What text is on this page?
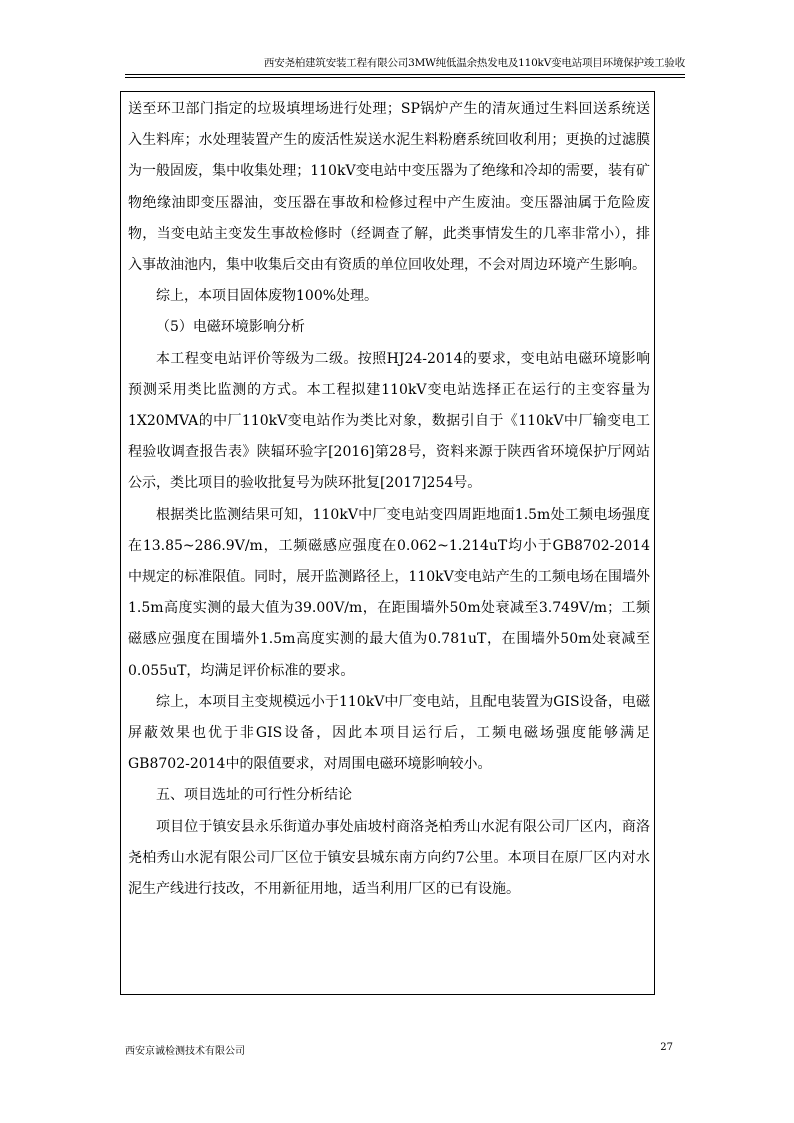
西安尧柏建筑安装工程有限公司3MW纯低温余热发电及110kV变电站项目环境保护竣工验收

送至环卫部门指定的垃圾填埋场进行处理；SP锅炉产生的清灰通过生料回送系统送入生料库；水处理装置产生的废活性炭送水泥生料粉磨系统回收利用；更换的过滤膜为一般固废，集中收集处理；110kV变电站中变压器为了绝缘和冷却的需要，装有矿物绝缘油即变压器油，变压器在事故和检修过程中产生废油。变压器油属于危险废物，当变电站主变发生事故检修时（经调查了解，此类事情发生的几率非常小），排入事故油池内，集中收集后交由有资质的单位回收处理，不会对周边环境产生影响。

综上，本项目固体废物100%处理。

（5）电磁环境影响分析

本工程变电站评价等级为二级。按照HJ24-2014的要求，变电站电磁环境影响预测采用类比监测的方式。本工程拟建110kV变电站选择正在运行的主变容量为1X20MVA的中厂110kV变电站作为类比对象，数据引自于《110kV中厂输变电工程验收调查报告表》陕辐环验字[2016]第28号，资料来源于陕西省环境保护厅网站公示，类比项目的验收批复号为陕环批复[2017]254号。

根据类比监测结果可知，110kV中厂变电站变四周距地面1.5m处工频电场强度在13.85~286.9V/m，工频磁感应强度在0.062~1.214uT均小于GB8702-2014中规定的标准限值。同时，展开监测路径上，110kV变电站产生的工频电场在围墙外1.5m高度实测的最大值为39.00V/m，在距围墙外50m处衰减至3.749V/m；工频磁感应强度在围墙外1.5m高度实测的最大值为0.781uT，在围墙外50m处衰减至0.055uT，均满足评价标准的要求。

综上，本项目主变规模远小于110kV中厂变电站，且配电装置为GIS设备，电磁屏蔽效果也优于非GIS设备，因此本项目运行后，工频电磁场强度能够满足GB8702-2014中的限值要求，对周围电磁环境影响较小。

五、项目选址的可行性分析结论

项目位于镇安县永乐街道办事处庙坡村商洛尧柏秀山水泥有限公司厂区内，商洛尧柏秀山水泥有限公司厂区位于镇安县城东南方向约7公里。本项目在原厂区内对水泥生产线进行技改，不用新征用地，适当利用厂区的已有设施。

西安京诚检测技术有限公司	27
